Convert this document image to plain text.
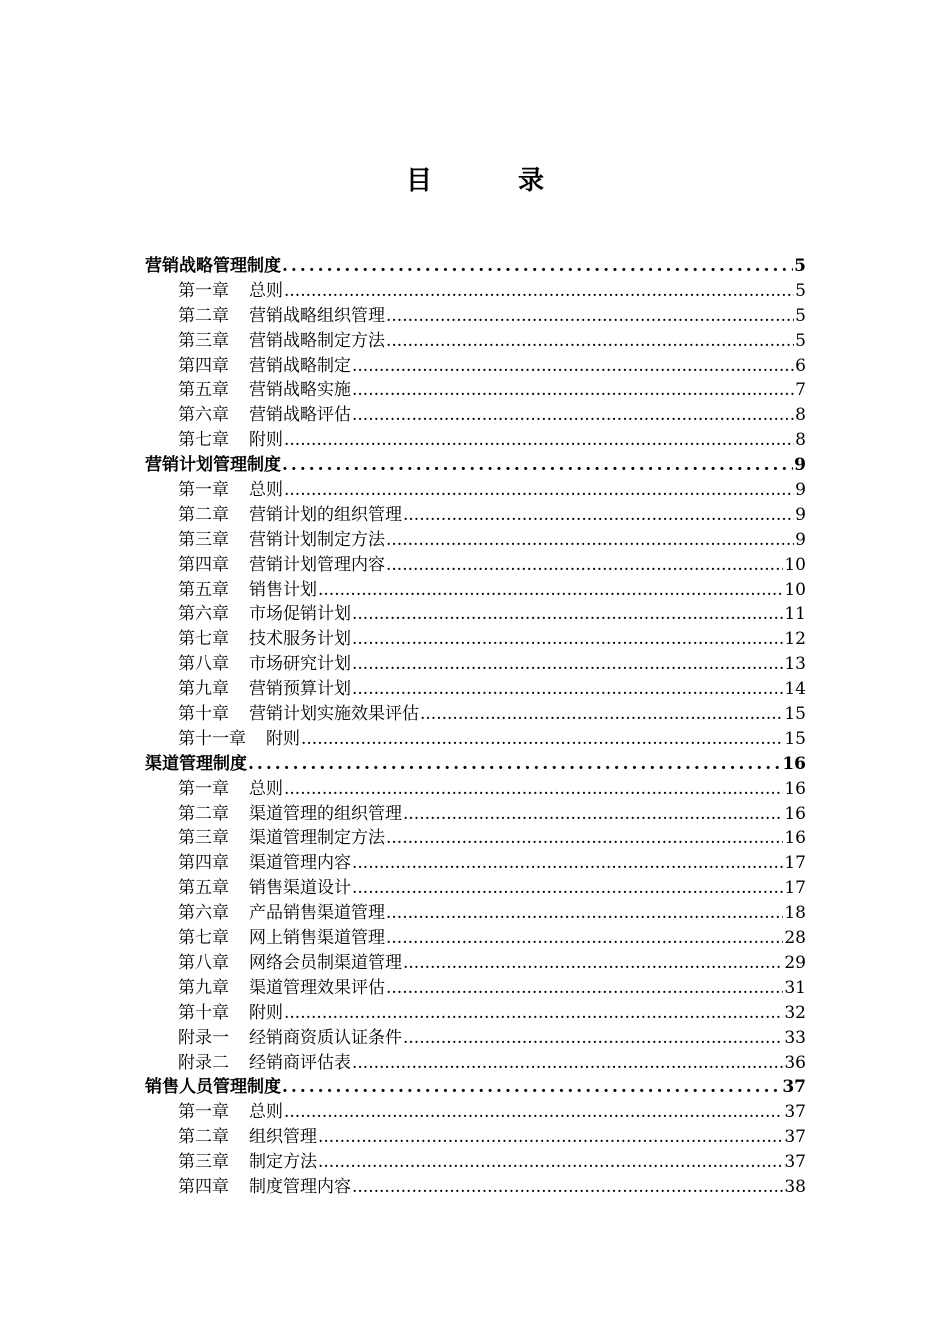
目　录
营销战略管理制度 .....	5
第一章 总则 .....	5
第二章 营销战略组织管理 .....	5
第三章 营销战略制定方法 .....	5
第四章 营销战略制定 .....	6
第五章 营销战略实施 .....	7
第六章 营销战略评估 .....	8
第七章 附则 .....	8
营销计划管理制度 .....	9
第一章 总则 .....	9
第二章 营销计划的组织管理 .....	9
第三章 营销计划制定方法 .....	9
第四章 营销计划管理内容 .....	10
第五章 销售计划 .....	10
第六章 市场促销计划 .....	11
第七章 技术服务计划 .....	12
第八章 市场研究计划 .....	13
第九章 营销预算计划 .....	14
第十章 营销计划实施效果评估 .....	15
第十一章 附则 .....	15
渠道管理制度 .....	16
第一章 总则 .....	16
第二章 渠道管理的组织管理 .....	16
第三章 渠道管理制定方法 .....	16
第四章 渠道管理内容 .....	17
第五章 销售渠道设计 .....	17
第六章 产品销售渠道管理 .....	18
第七章 网上销售渠道管理 .....	28
第八章 网络会员制渠道管理 .....	29
第九章 渠道管理效果评估 .....	31
第十章 附则 .....	32
附录一 经销商资质认证条件 .....	33
附录二 经销商评估表 .....	36
销售人员管理制度 .....	37
第一章 总则 .....	37
第二章 组织管理 .....	37
第三章 制定方法 .....	37
第四章 制度管理内容 .....	38
